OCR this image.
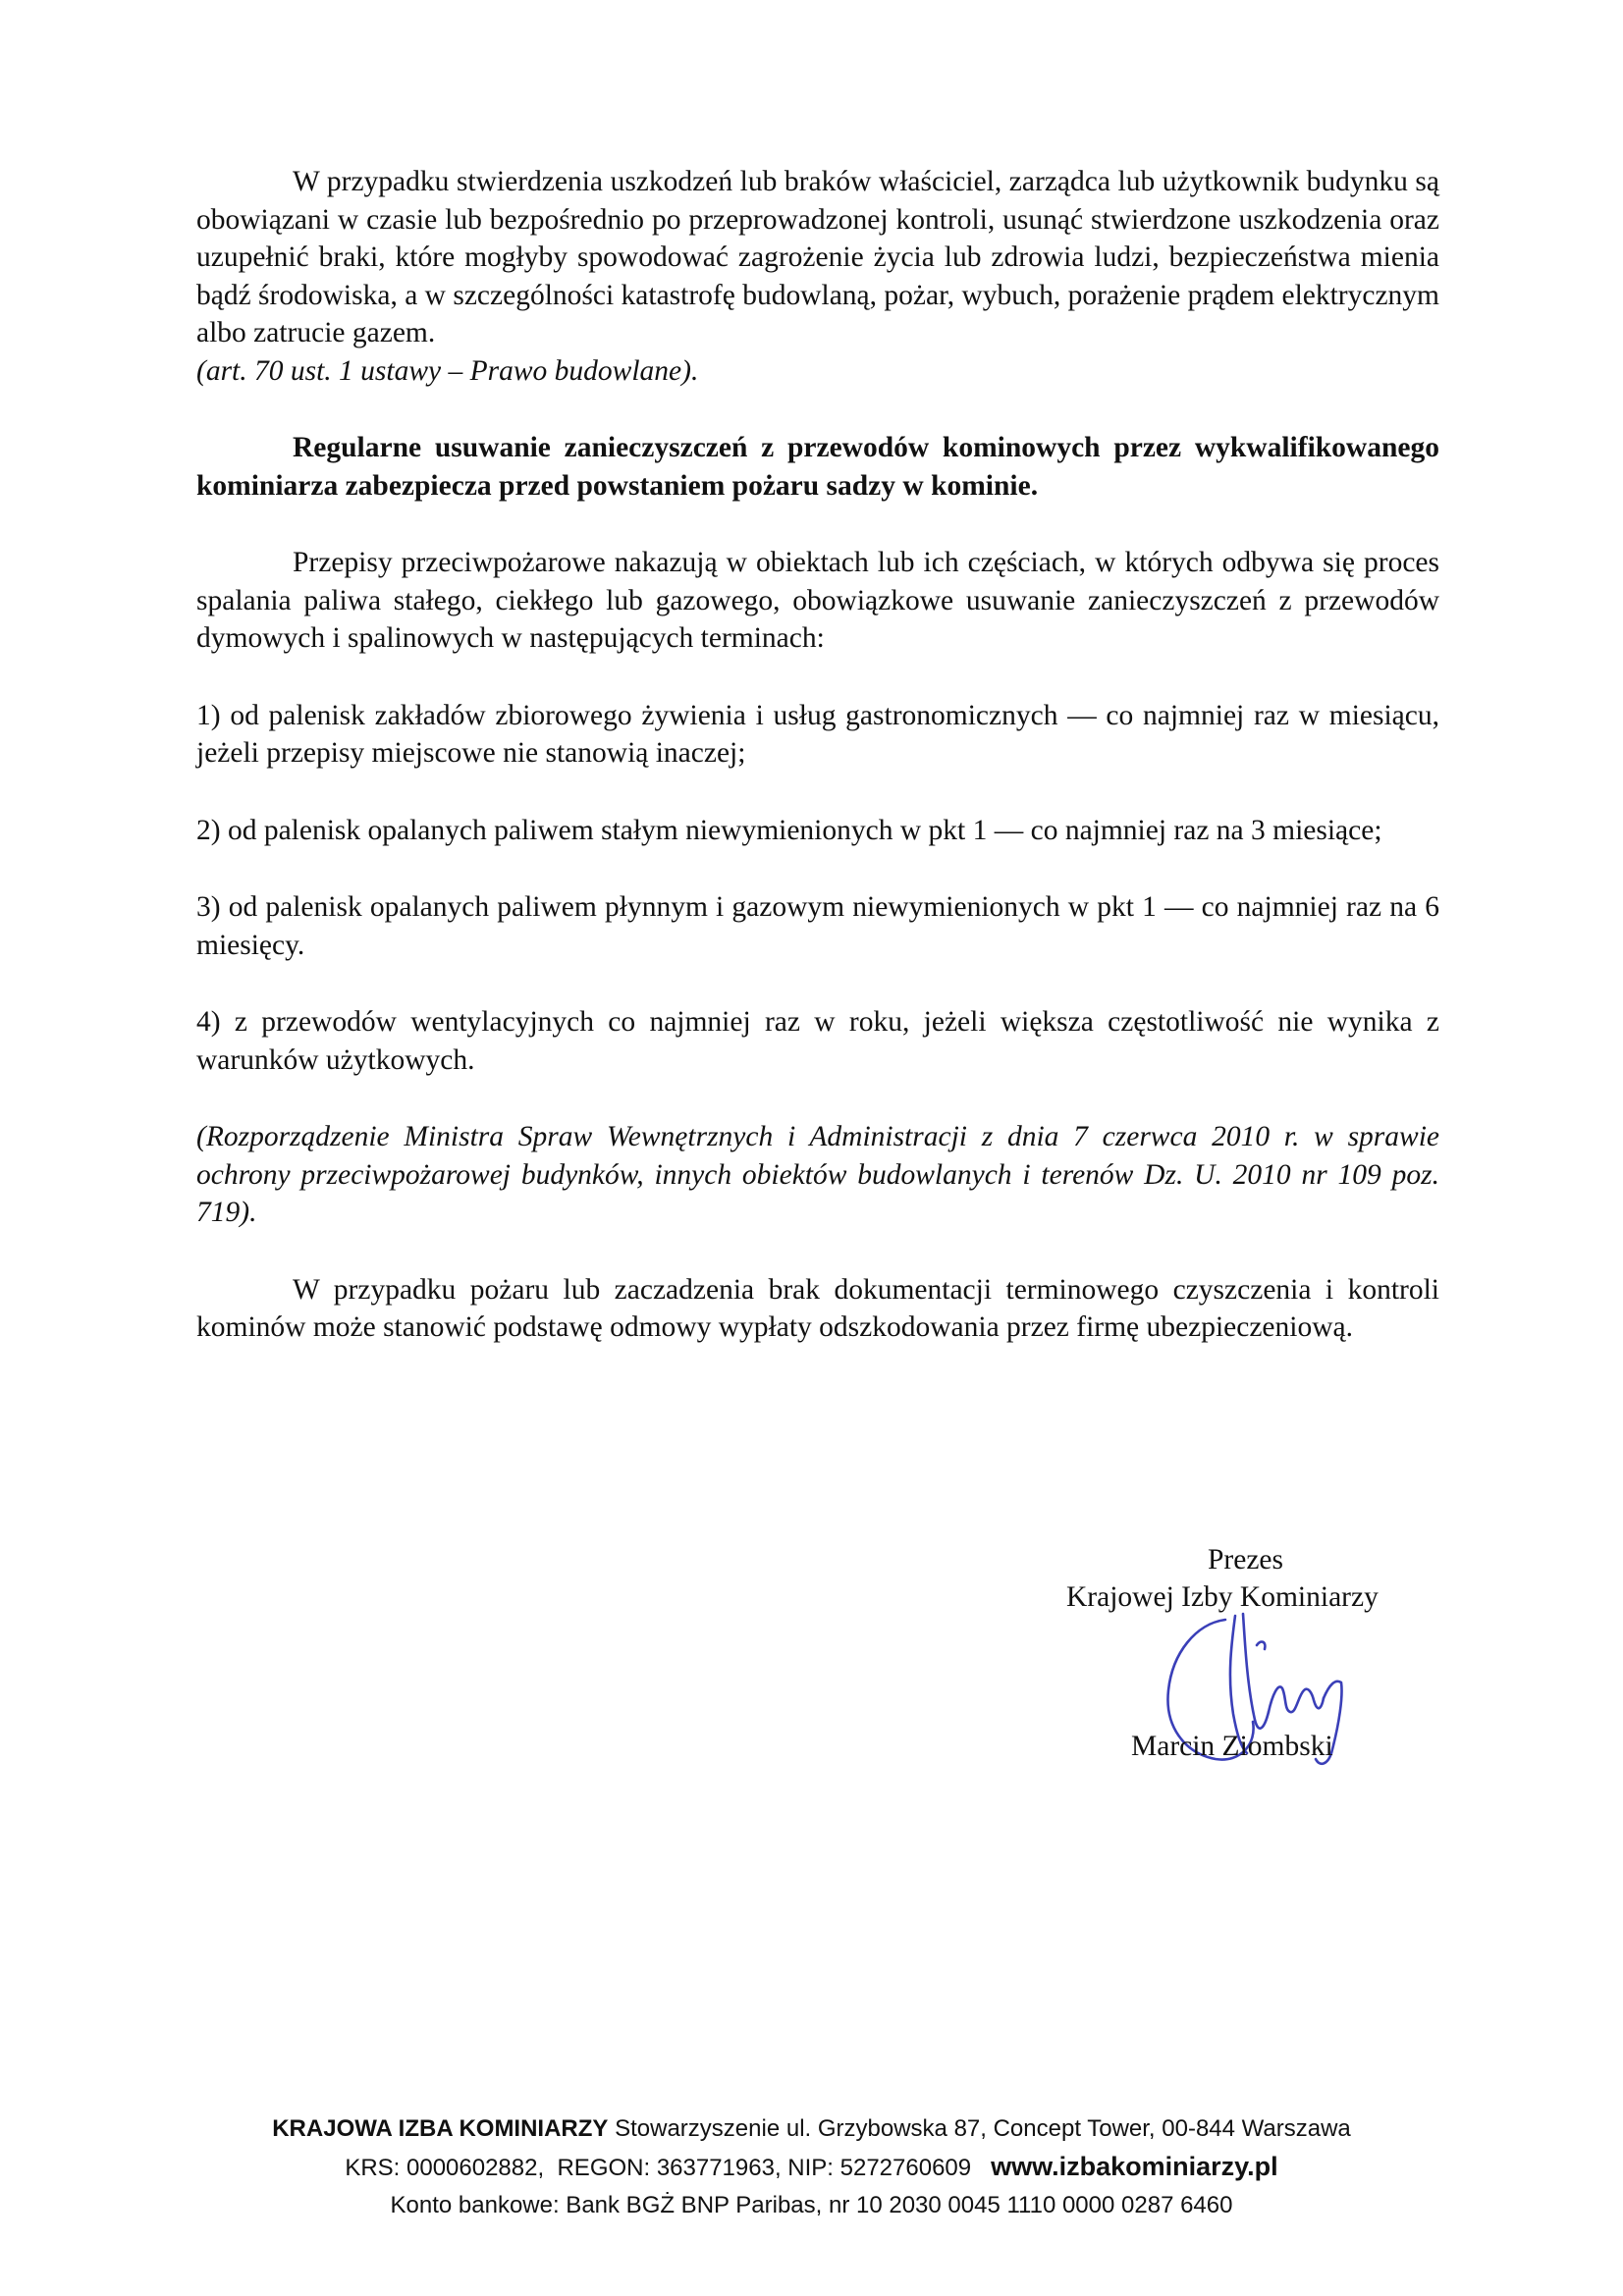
W przypadku stwierdzenia uszkodzeń lub braków właściciel, zarządca lub użytkownik budynku są obowiązani w czasie lub bezpośrednio po przeprowadzonej kontroli, usunąć stwierdzone uszkodzenia oraz uzupełnić braki, które mogłyby spowodować zagrożenie życia lub zdrowia ludzi, bezpieczeństwa mienia bądź środowiska, a w szczególności katastrofę budowlaną, pożar, wybuch, porażenie prądem elektrycznym albo zatrucie gazem.

(art. 70 ust. 1 ustawy – Prawo budowlane).

Regularne usuwanie zanieczyszczeń z przewodów kominowych przez wykwalifikowanego kominiarza zabezpiecza przed powstaniem pożaru sadzy w kominie.

Przepisy przeciwpożarowe nakazują w obiektach lub ich częściach, w których odbywa się proces spalania paliwa stałego, ciekłego lub gazowego, obowiązkowe usuwanie zanieczyszczeń z przewodów dymowych i spalinowych w następujących terminach:

1) od palenisk zakładów zbiorowego żywienia i usług gastronomicznych — co najmniej raz w miesiącu, jeżeli przepisy miejscowe nie stanowią inaczej;

2) od palenisk opalanych paliwem stałym niewymienionych w pkt 1 — co najmniej raz na 3 miesiące;

3) od palenisk opalanych paliwem płynnym i gazowym niewymienionych w pkt 1 — co najmniej raz na 6 miesięcy.

4) z przewodów wentylacyjnych co najmniej raz w roku, jeżeli większa częstotliwość nie wynika z warunków użytkowych.

(Rozporządzenie Ministra Spraw Wewnętrznych i Administracji z dnia 7 czerwca 2010 r. w sprawie ochrony przeciwpożarowej budynków, innych obiektów budowlanych i terenów Dz. U. 2010 nr 109 poz. 719).

W przypadku pożaru lub zaczadzenia brak dokumentacji terminowego czyszczenia i kontroli kominów może stanowić podstawę odmowy wypłaty odszkodowania przez firmę ubezpieczeniową.

Prezes
Krajowej Izby Kominiarzy
Marcin Ziombski
KRAJOWA IZBA KOMINIARZY Stowarzyszenie ul. Grzybowska 87, Concept Tower, 00-844 Warszawa
KRS: 0000602882,  REGON: 363771963, NIP: 5272760609   www.izbakominiarzy.pl
Konto bankowe: Bank BGŻ BNP Paribas, nr 10 2030 0045 1110 0000 0287 6460
